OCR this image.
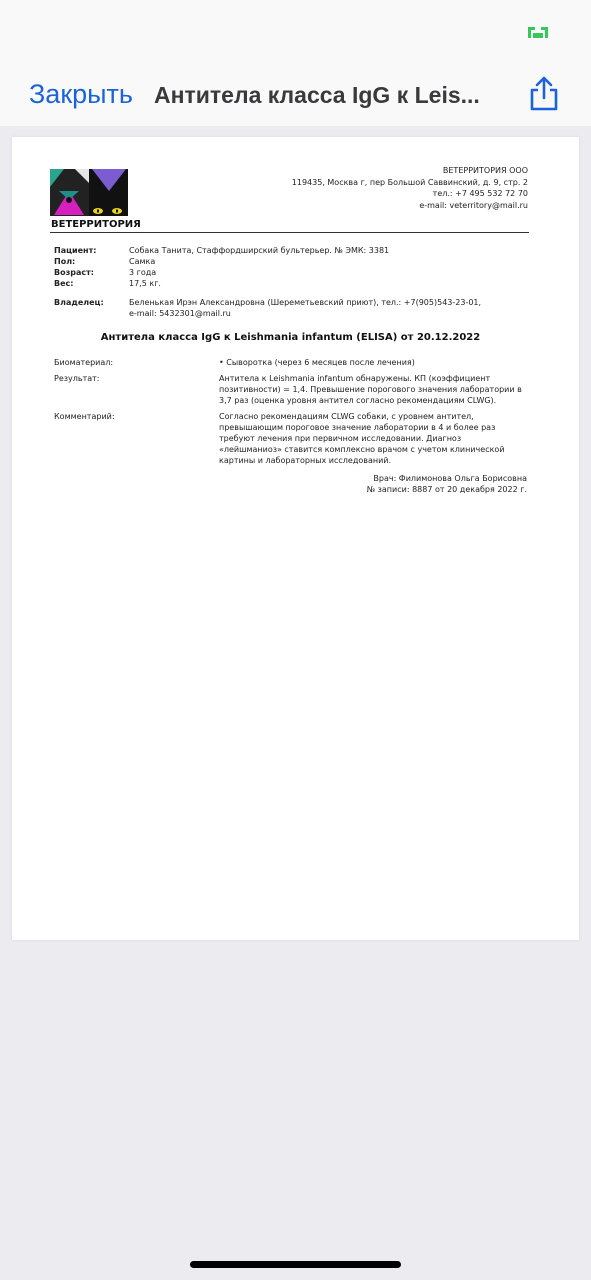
Закрыть Антитела класса IgG к Leis...
ВЕТЕРРИТОРИЯ
ВЕТЕРРИТОРИЯ ООО
119435, Москва г, пер Большой Саввинский, д. 9, стр. 2
тел.: +7 495 532 72 70
e-mail: veterritory@mail.ru
Пациент:	Собака Танита, Стаффордширский бультерьер. № ЭМК: 3381
Пол:	Самка
Возраст:	3 года
Вес:	17,5 кг.
Владелец:	Беленькая Ирэн Александровна (Шереметьевский приют), тел.: +7(905)543-23-01, e-mail: 5432301@mail.ru
Антитела класса IgG к Leishmania infantum (ELISA) от 20.12.2022
Биоматериал:	• Сыворотка (через 6 месяцев после лечения)
Результат:	Антитела к Leishmania infantum обнаружены. КП (коэффициент позитивности) = 1,4. Превышение порогового значения лаборатории в 3,7 раз (оценка уровня антител согласно рекомендациям CLWG).
Комментарий:	Согласно рекомендациям CLWG собаки, с уровнем антител, превышающим пороговое значение лаборатории в 4 и более раз требуют лечения при первичном исследовании. Диагноз «лейшманиоз» ставится комплексно врачом с учетом клинической картины и лабораторных исследований.
Врач: Филимонова Ольга Борисовна
№ записи: 8887 от 20 декабря 2022 г.
